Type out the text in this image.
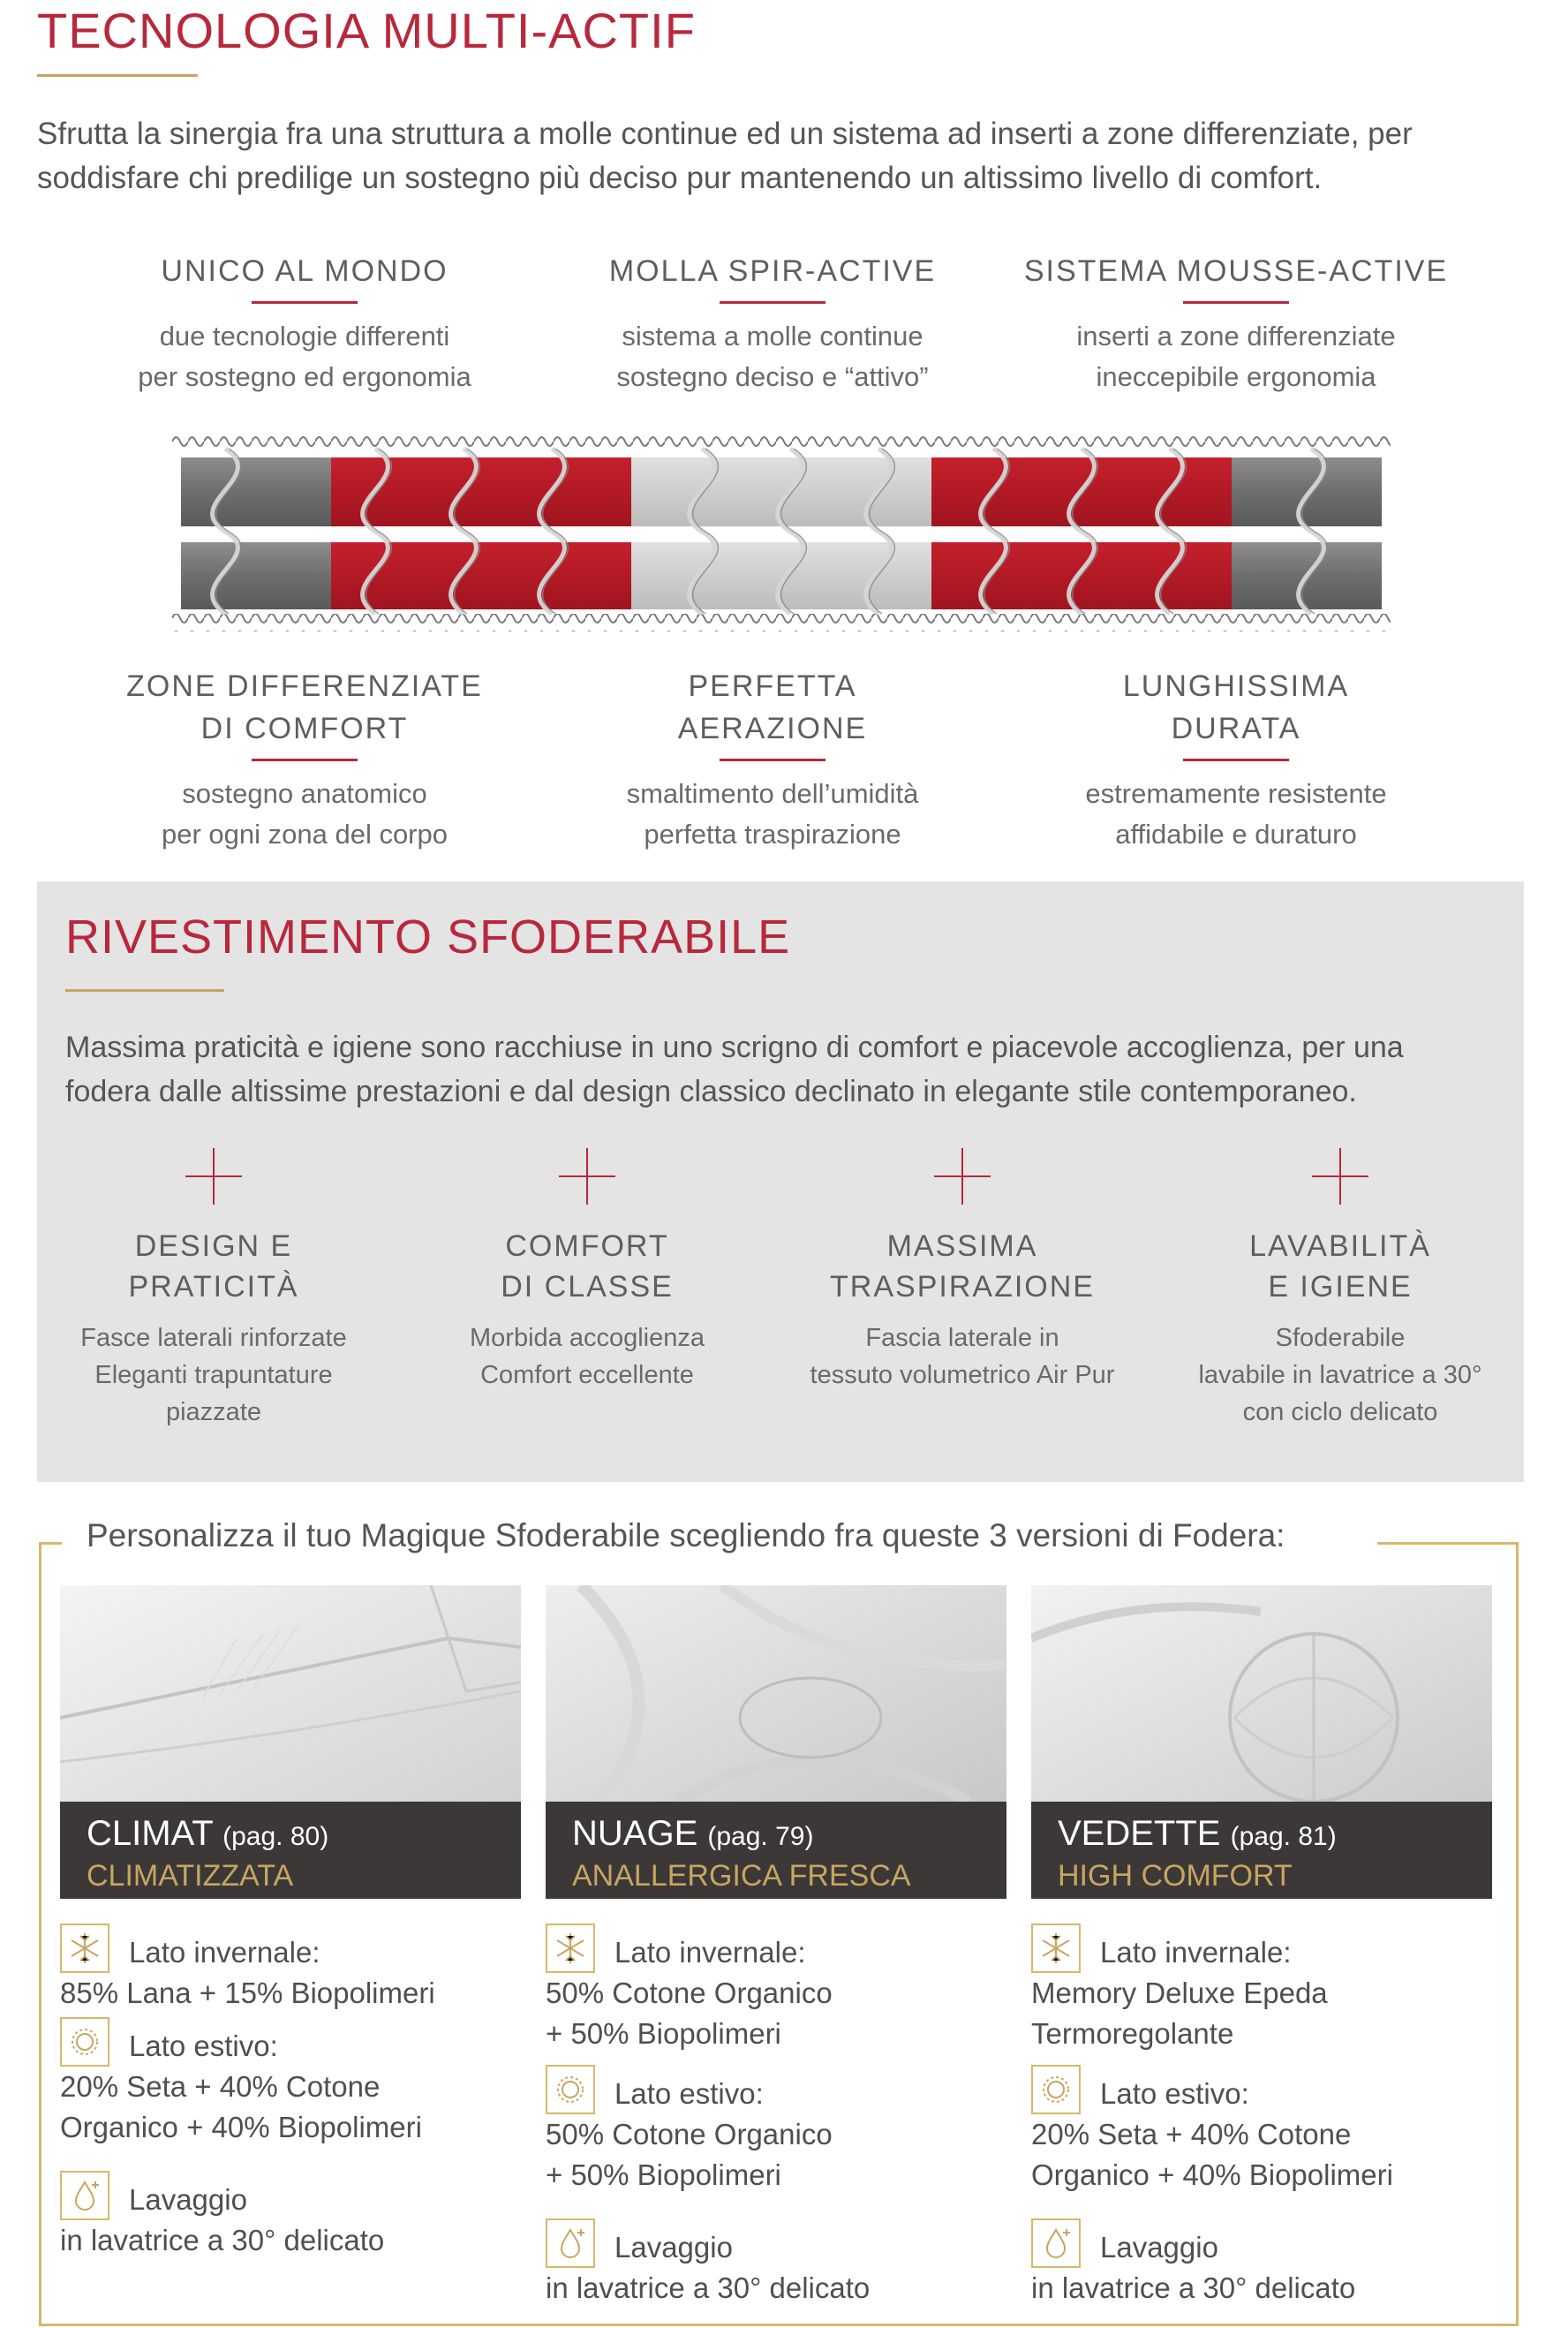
TECNOLOGIA MULTI-ACTIF
Sfrutta la sinergia fra una struttura a molle continue ed un sistema ad inserti a zone differenziate, per
soddisfare chi predilige un sostegno più deciso pur mantenendo un altissimo livello di comfort.
UNICO AL MONDO
due tecnologie differenti
per sostegno ed ergonomia
MOLLA SPIR-ACTIVE
sistema a molle continue
sostegno deciso e “attivo”
SISTEMA MOUSSE-ACTIVE
inserti a zone differenziate
ineccepibile ergonomia
ZONE DIFFERENZIATE
DI COMFORT
sostegno anatomico
per ogni zona del corpo
PERFETTA
AERAZIONE
smaltimento dell’umidità
perfetta traspirazione
LUNGHISSIMA
DURATA
estremamente resistente
affidabile e duraturo
RIVESTIMENTO SFODERABILE
Massima praticità e igiene sono racchiuse in uno scrigno di comfort e piacevole accoglienza, per una
fodera dalle altissime prestazioni e dal design classico declinato in elegante stile contemporaneo.
DESIGN E
PRATICITÀ
Fasce laterali rinforzate
Eleganti trapuntature
piazzate
COMFORT
DI CLASSE
Morbida accoglienza
Comfort eccellente
MASSIMA
TRASPIRAZIONE
Fascia laterale in
tessuto volumetrico Air Pur
LAVABILITÀ
E IGIENE
Sfoderabile
lavabile in lavatrice a 30°
con ciclo delicato
Personalizza il tuo Magique Sfoderabile scegliendo fra queste 3 versioni di Fodera:
CLIMAT (pag. 80)
CLIMATIZZATA
Lato invernale:
85% Lana + 15% Biopolimeri
Lato estivo:
20% Seta + 40% Cotone
Organico + 40% Biopolimeri
Lavaggio
in lavatrice a 30° delicato
NUAGE (pag. 79)
ANALLERGICA FRESCA
Lato invernale:
50% Cotone Organico
+ 50% Biopolimeri
Lato estivo:
50% Cotone Organico
+ 50% Biopolimeri
Lavaggio
in lavatrice a 30° delicato
VEDETTE (pag. 81)
HIGH COMFORT
Lato invernale:
Memory Deluxe Epeda
Termoregolante
Lato estivo:
20% Seta + 40% Cotone
Organico + 40% Biopolimeri
Lavaggio
in lavatrice a 30° delicato
